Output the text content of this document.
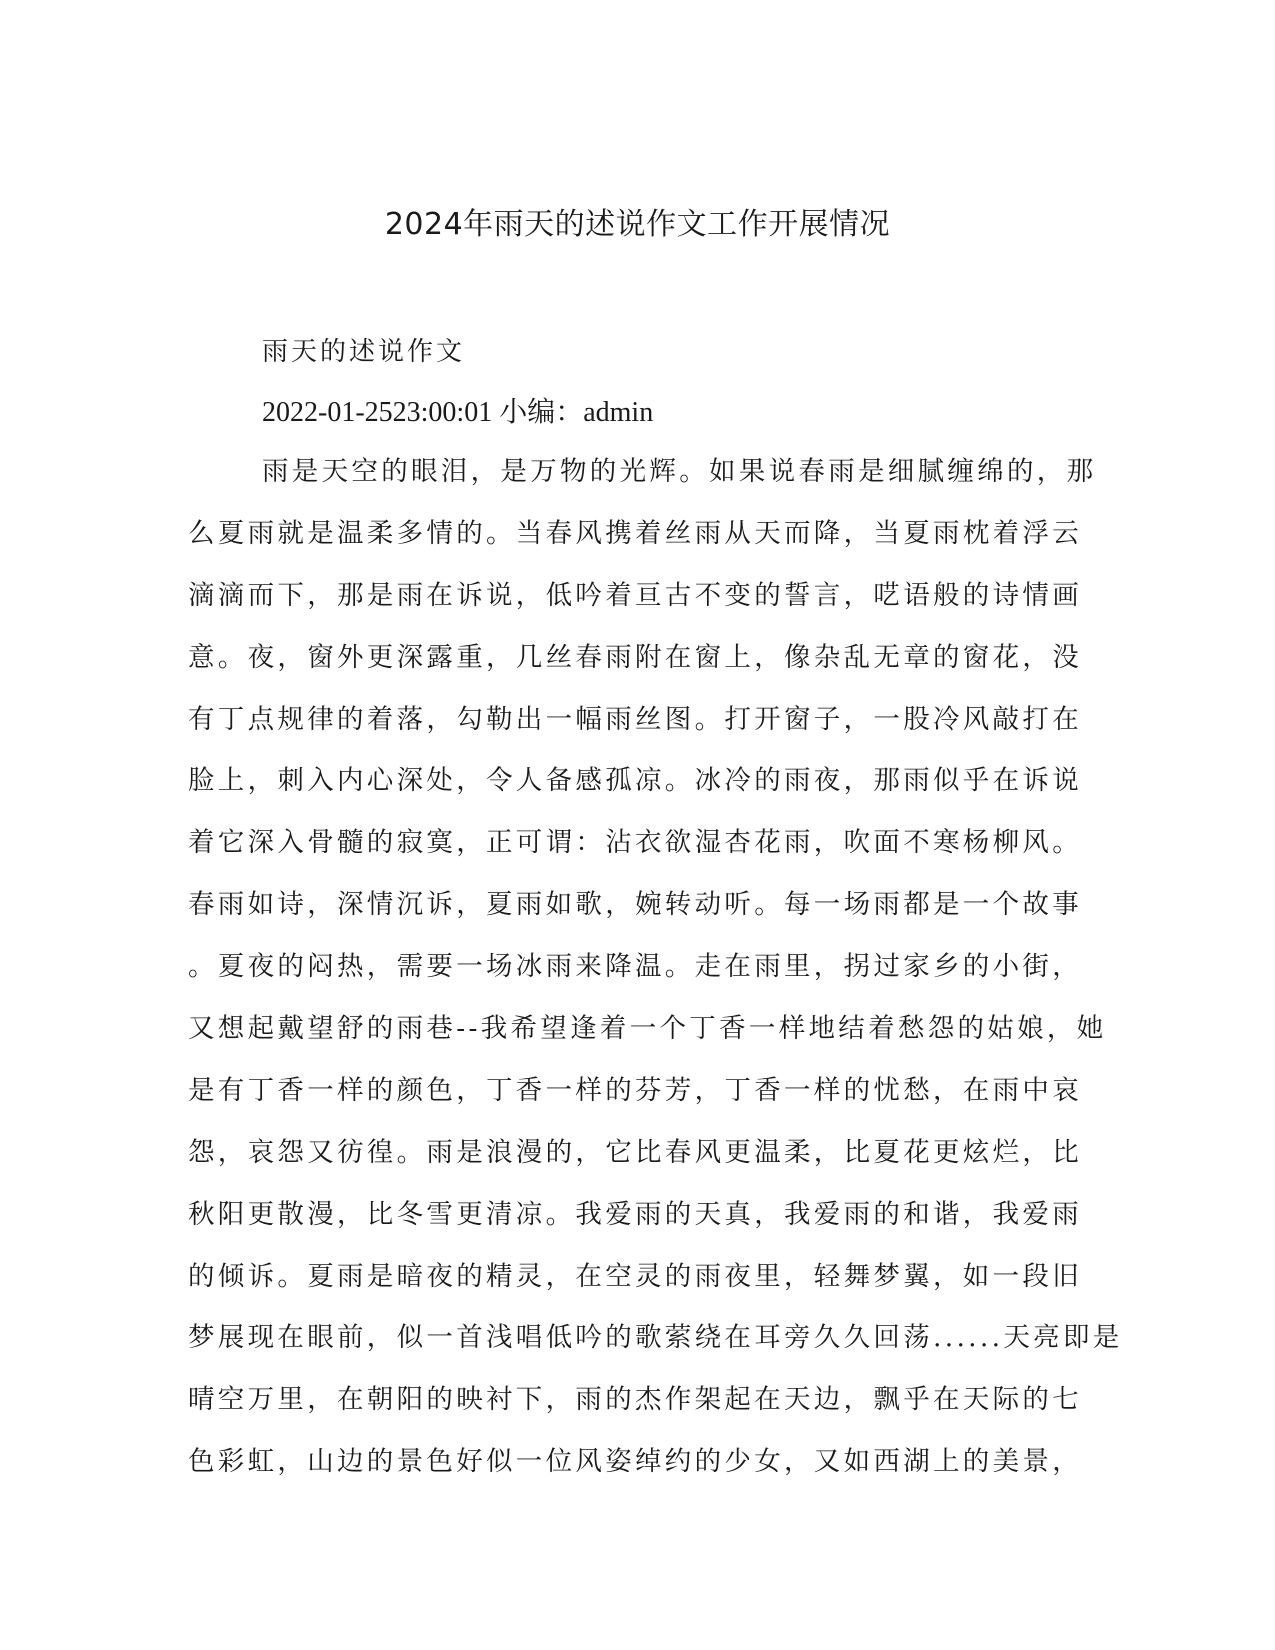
2024年雨天的述说作文工作开展情况
雨天的述说作文
2022-01-2523:00:01 小编：admin
雨是天空的眼泪，是万物的光辉。如果说春雨是细腻缠绵的，那
么夏雨就是温柔多情的。当春风携着丝雨从天而降，当夏雨枕着浮云
滴滴而下，那是雨在诉说，低吟着亘古不变的誓言，呓语般的诗情画
意。夜，窗外更深露重，几丝春雨附在窗上，像杂乱无章的窗花，没
有丁点规律的着落，勾勒出一幅雨丝图。打开窗子，一股冷风敲打在
脸上，刺入内心深处，令人备感孤凉。冰冷的雨夜，那雨似乎在诉说
着它深入骨髓的寂寞，正可谓：沾衣欲湿杏花雨，吹面不寒杨柳风。
春雨如诗，深情沉诉，夏雨如歌，婉转动听。每一场雨都是一个故事
。夏夜的闷热，需要一场冰雨来降温。走在雨里，拐过家乡的小街，
又想起戴望舒的雨巷--我希望逢着一个丁香一样地结着愁怨的姑娘，她
是有丁香一样的颜色，丁香一样的芬芳，丁香一样的忧愁，在雨中哀
怨，哀怨又彷徨。雨是浪漫的，它比春风更温柔，比夏花更炫烂，比
秋阳更散漫，比冬雪更清凉。我爱雨的天真，我爱雨的和谐，我爱雨
的倾诉。夏雨是暗夜的精灵，在空灵的雨夜里，轻舞梦翼，如一段旧
梦展现在眼前，似一首浅唱低吟的歌萦绕在耳旁久久回荡......天亮即是
晴空万里，在朝阳的映衬下，雨的杰作架起在天边，飘乎在天际的七
色彩虹，山边的景色好似一位风姿绰约的少女，又如西湖上的美景，
